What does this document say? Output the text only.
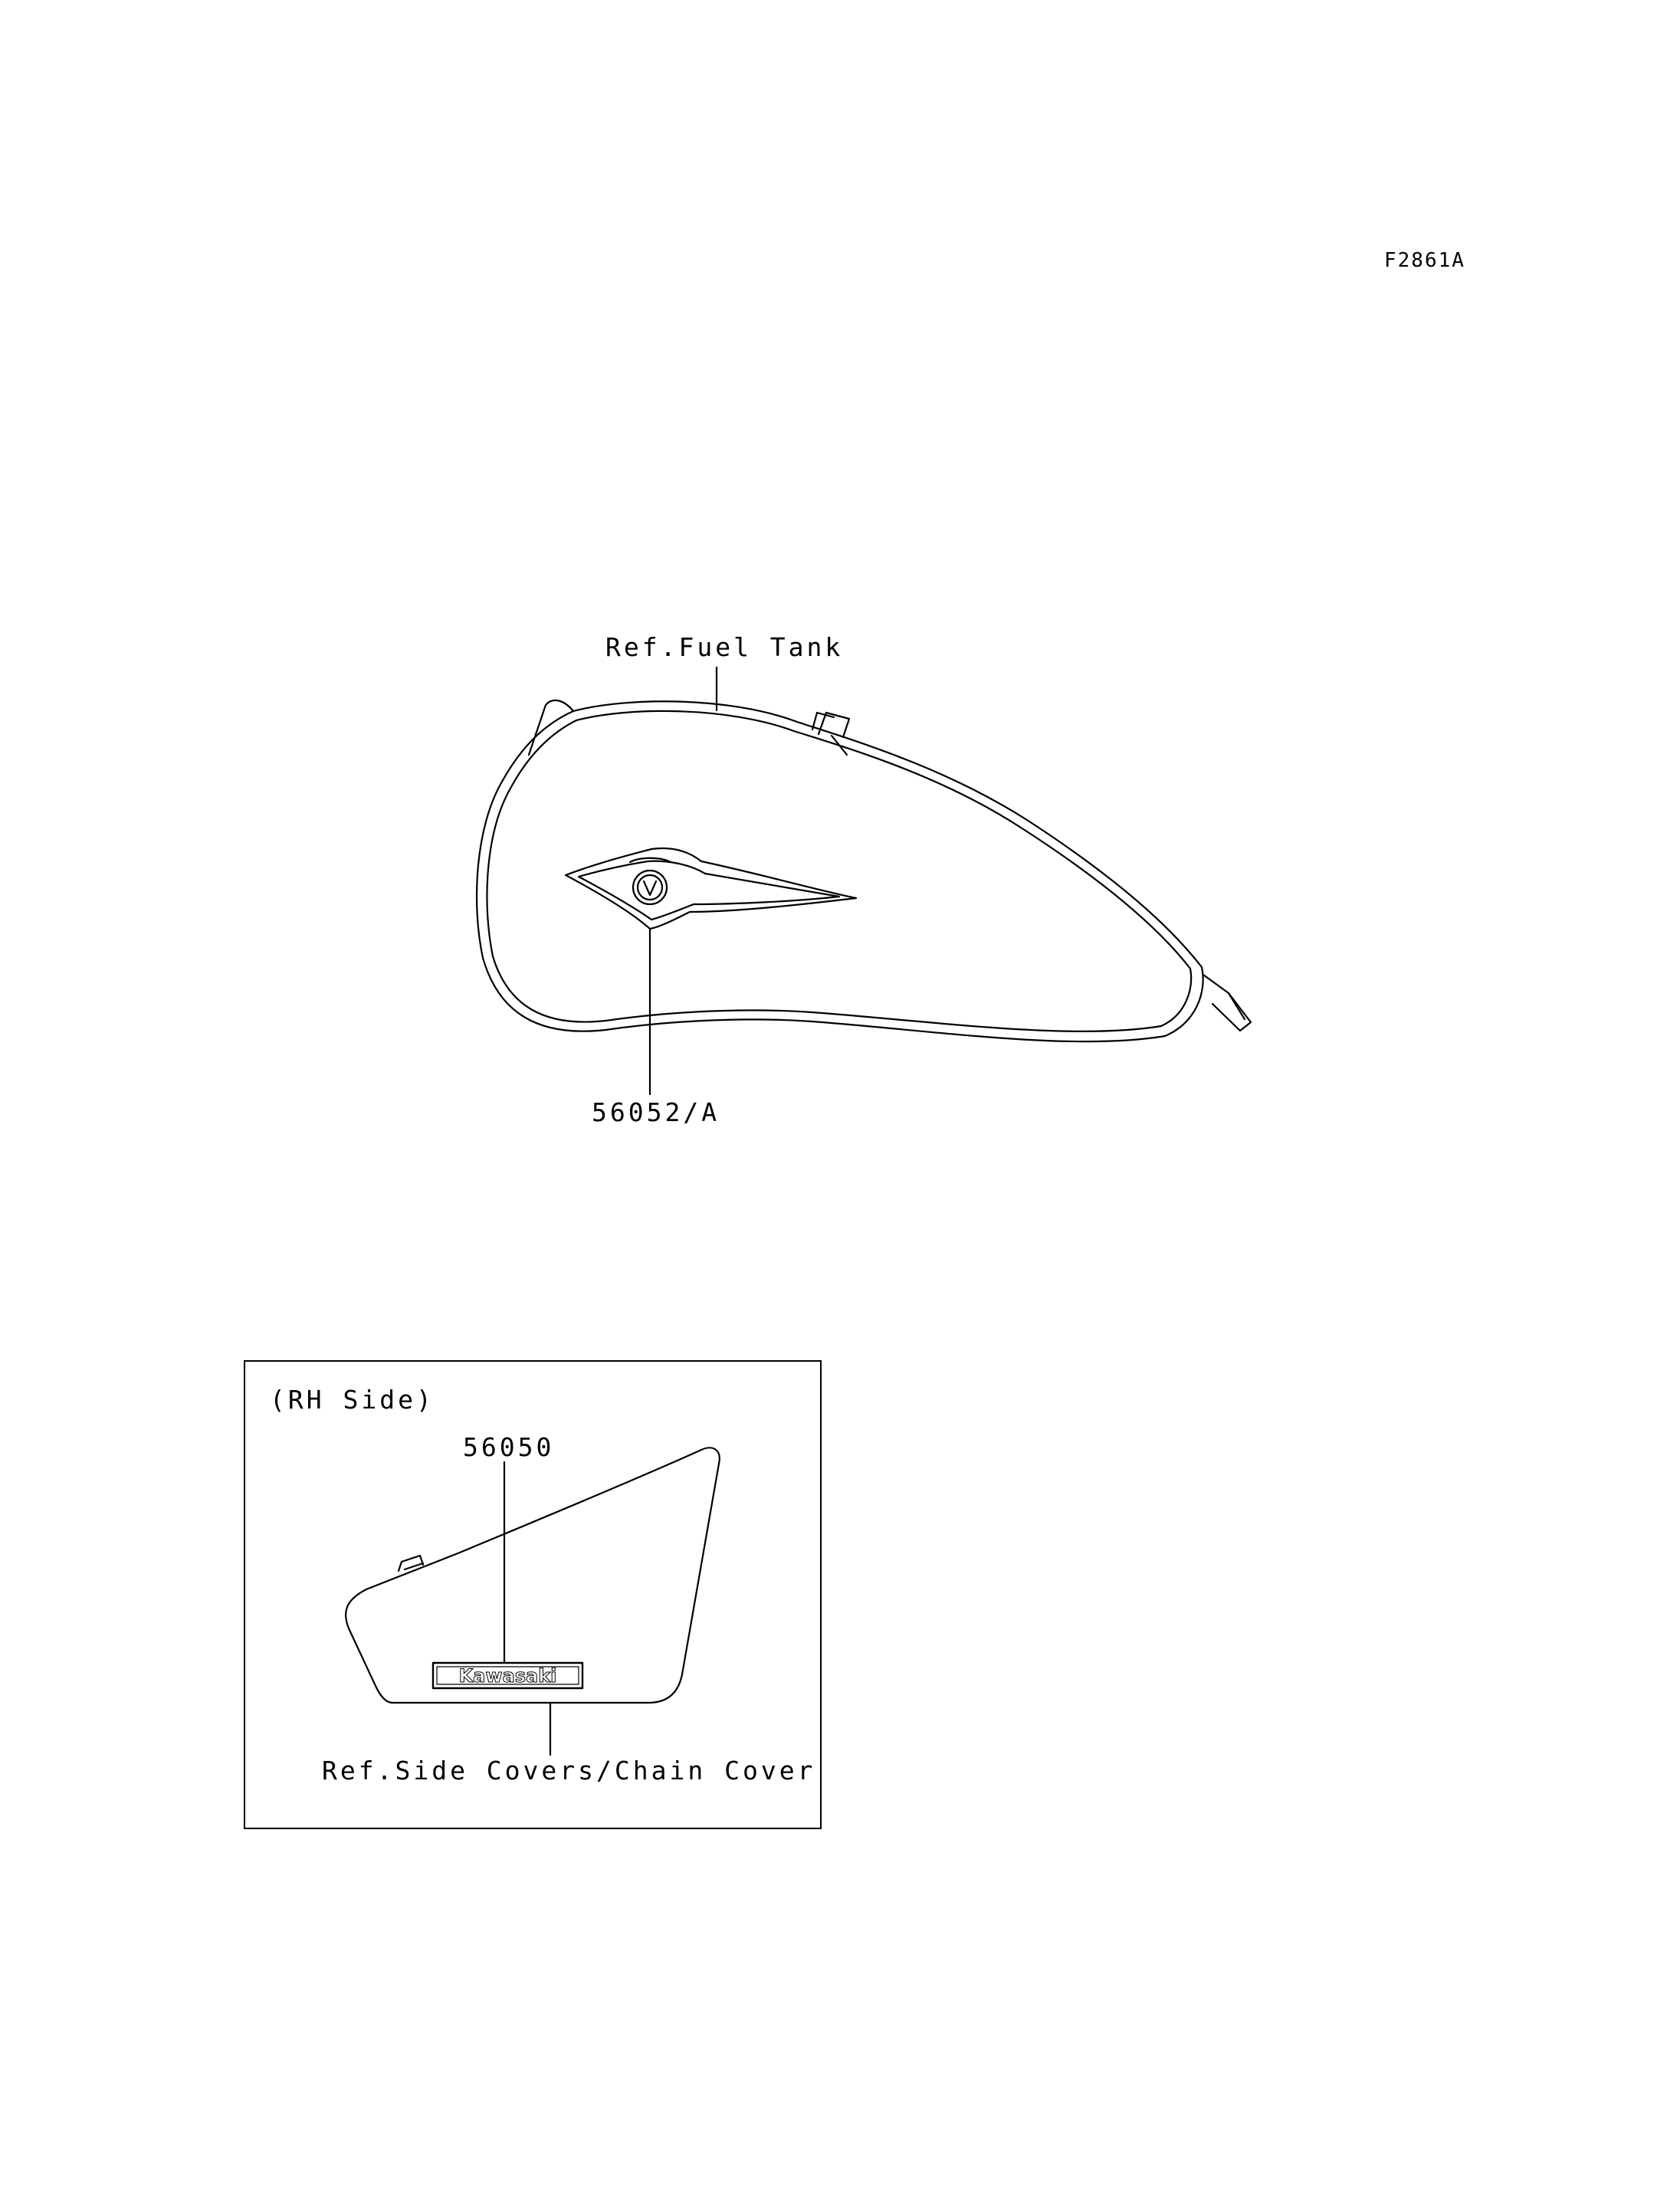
F2861A
Ref.Fuel Tank
56052/A
(RH Side)
56050
Kawasaki
Ref.Side Covers/Chain Cover
